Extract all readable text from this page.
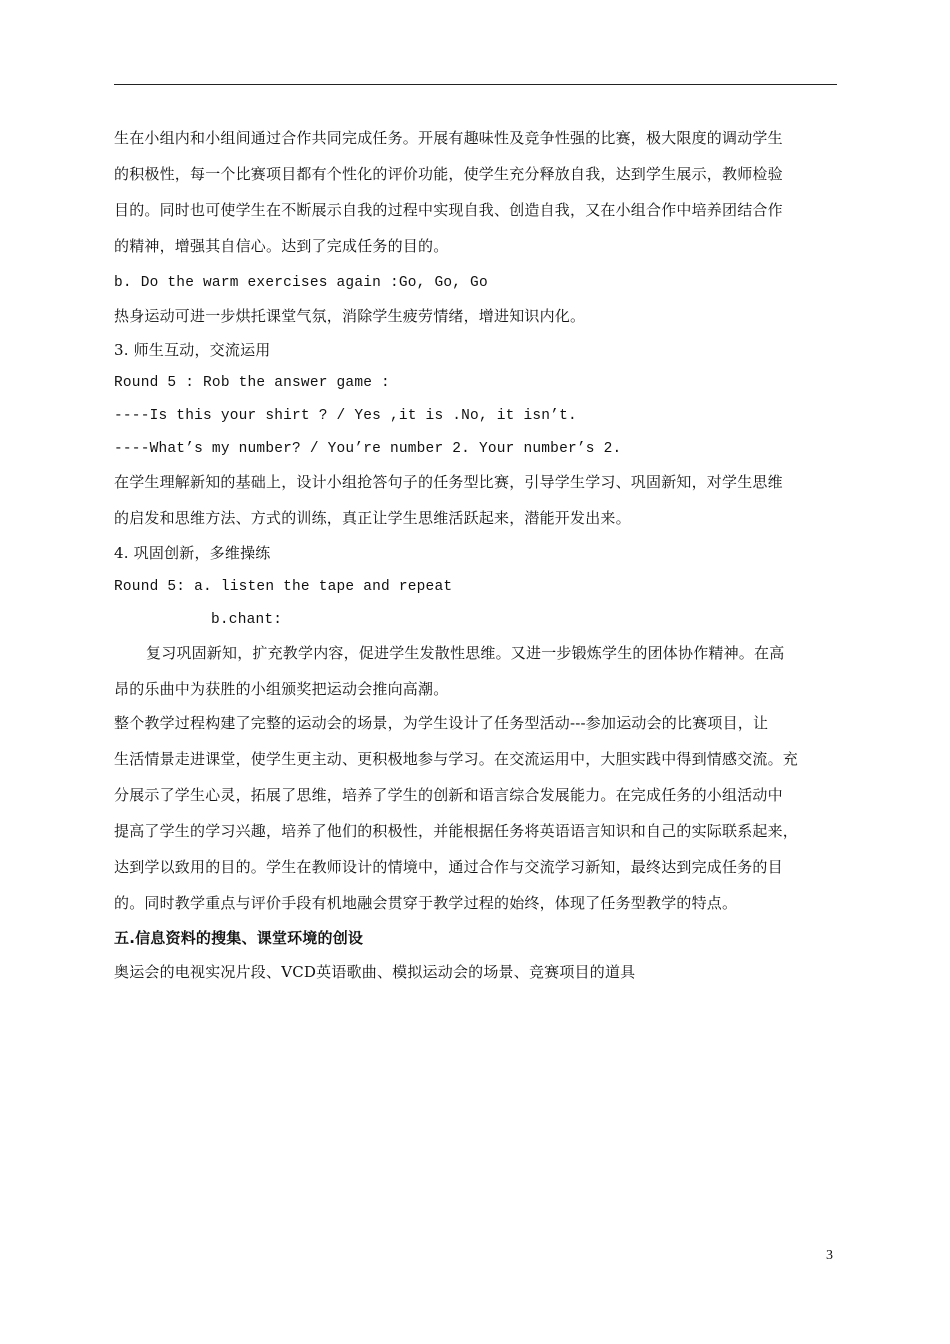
生在小组内和小组间通过合作共同完成任务。开展有趣味性及竞争性强的比赛，极大限度的调动学生
的积极性，每一个比赛项目都有个性化的评价功能，使学生充分释放自我，达到学生展示，教师检验
目的。同时也可使学生在不断展示自我的过程中实现自我、创造自我，又在小组合作中培养团结合作
的精神，增强其自信心。达到了完成任务的目的。
b. Do the warm exercises again :Go, Go, Go
热身运动可进一步烘托课堂气氛，消除学生疲劳情绪，增进知识内化。
3. 师生互动，交流运用
Round 5 : Rob the answer game :
----Is this your shirt ? / Yes ,it is .No, it isn’t.
----What’s my number? / You’re number 2. Your number’s 2.
在学生理解新知的基础上，设计小组抢答句子的任务型比赛，引导学生学习、巩固新知，对学生思维
的启发和思维方法、方式的训练，真正让学生思维活跃起来，潜能开发出来。
4. 巩固创新，多维操练
Round 5: a. listen the tape and repeat
b.chant:
复习巩固新知，扩充教学内容，促进学生发散性思维。又进一步锻炼学生的团体协作精神。在高
昂的乐曲中为获胜的小组颁奖把运动会推向高潮。
整个教学过程构建了完整的运动会的场景，为学生设计了任务型活动---参加运动会的比赛项目，让
生活情景走进课堂，使学生更主动、更积极地参与学习。在交流运用中，大胆实践中得到情感交流。充
分展示了学生心灵，拓展了思维，培养了学生的创新和语言综合发展能力。在完成任务的小组活动中
提高了学生的学习兴趣，培养了他们的积极性，并能根据任务将英语语言知识和自己的实际联系起来，
达到学以致用的目的。学生在教师设计的情境中，通过合作与交流学习新知，最终达到完成任务的目
的。同时教学重点与评价手段有机地融会贯穿于教学过程的始终，体现了任务型教学的特点。
五.信息资料的搜集、课堂环境的创设
奥运会的电视实况片段、VCD英语歌曲、模拟运动会的场景、竞赛项目的道具
3
